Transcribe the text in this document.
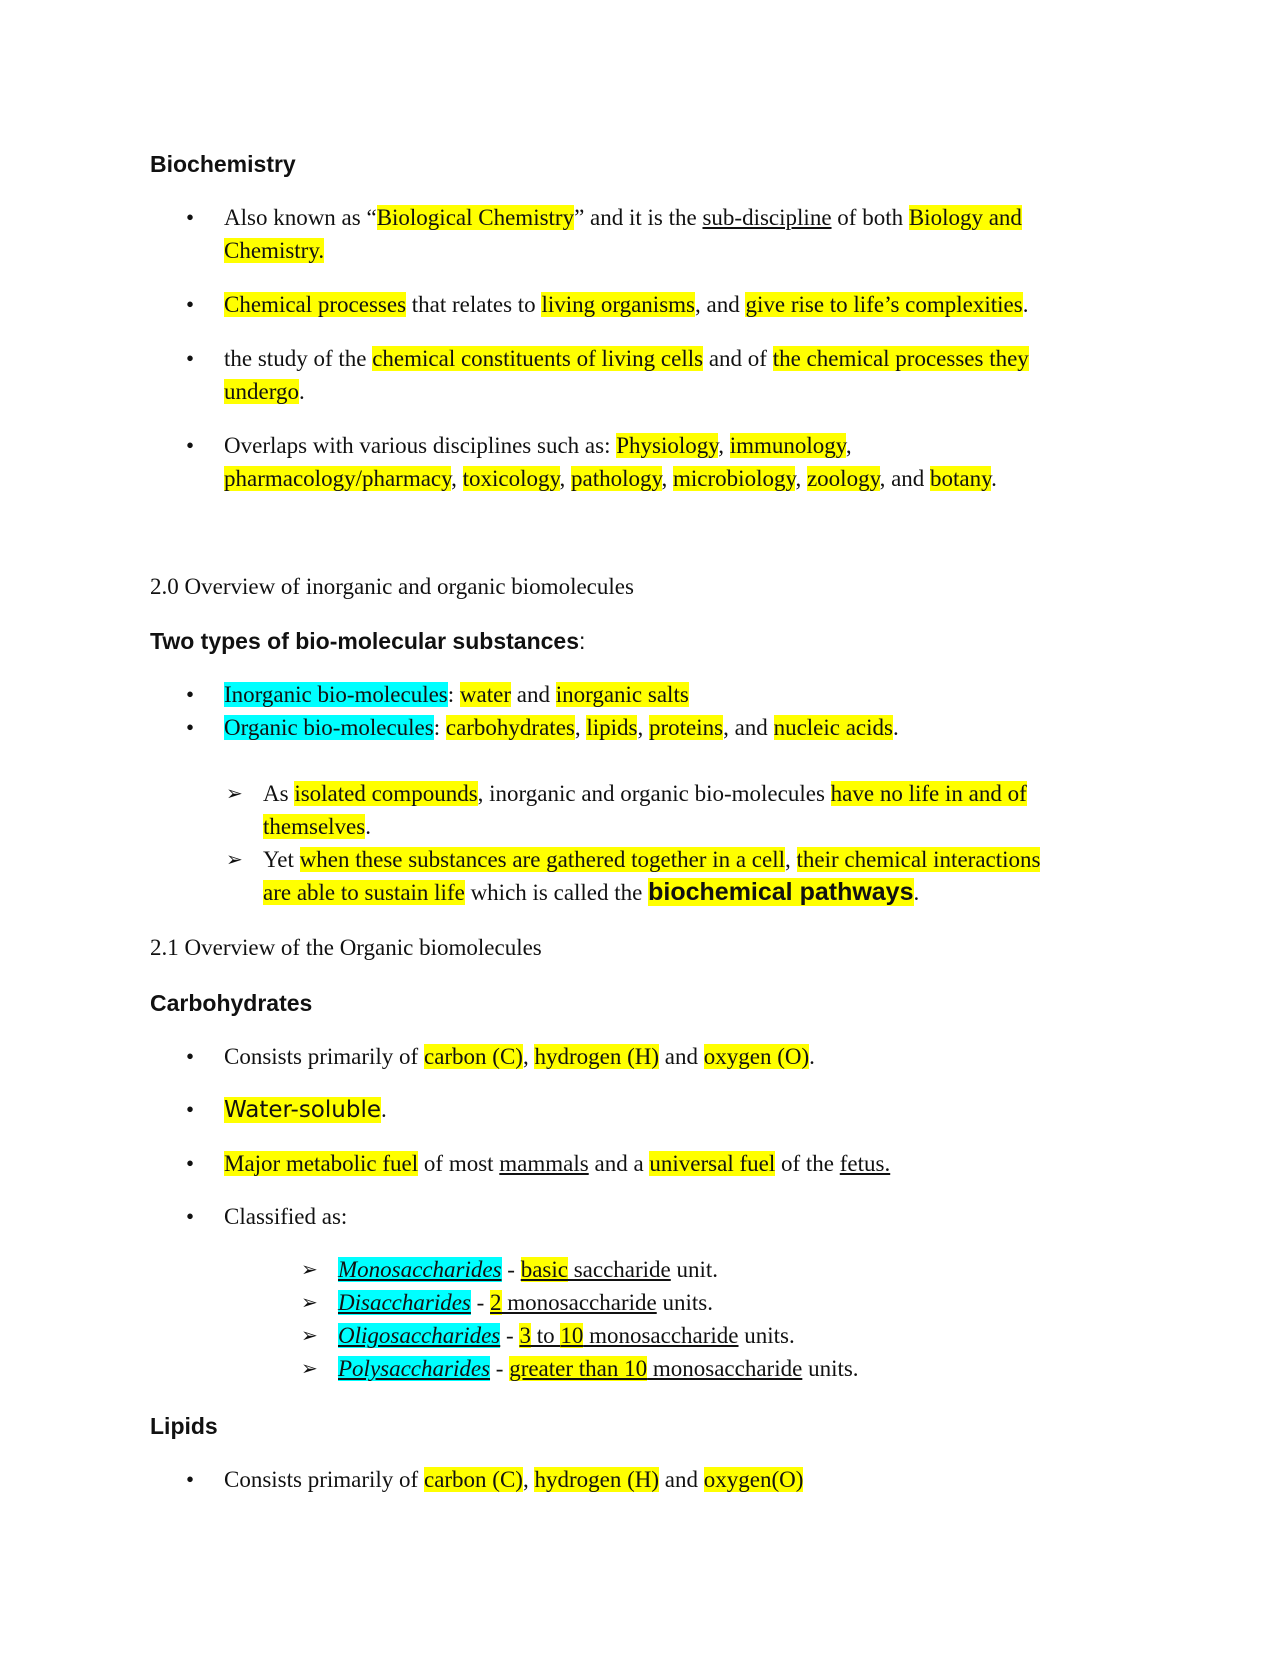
Biochemistry

• Also known as “Biological Chemistry” and it is the sub-discipline of both Biology and
Chemistry.
• Chemical processes that relates to living organisms, and give rise to life’s complexities.
• the study of the chemical constituents of living cells and of the chemical processes they
undergo.
• Overlaps with various disciplines such as: Physiology, immunology,
pharmacology/pharmacy, toxicology, pathology, microbiology, zoology, and botany.

2.0 Overview of inorganic and organic biomolecules

Two types of bio-molecular substances:

• Inorganic bio-molecules: water and inorganic salts
• Organic bio-molecules: carbohydrates, lipids, proteins, and nucleic acids.
➢ As isolated compounds, inorganic and organic bio-molecules have no life in and of
themselves.
➢ Yet when these substances are gathered together in a cell, their chemical interactions
are able to sustain life which is called the biochemical pathways.

2.1 Overview of the Organic biomolecules

Carbohydrates

• Consists primarily of carbon (C), hydrogen (H) and oxygen (O).
• Water-soluble.
• Major metabolic fuel of most mammals and a universal fuel of the fetus.
• Classified as:
➢ Monosaccharides - basic saccharide unit.
➢ Disaccharides - 2 monosaccharide units.
➢ Oligosaccharides - 3 to 10 monosaccharide units.
➢ Polysaccharides - greater than 10 monosaccharide units.

Lipids

• Consists primarily of carbon (C), hydrogen (H) and oxygen(O)
